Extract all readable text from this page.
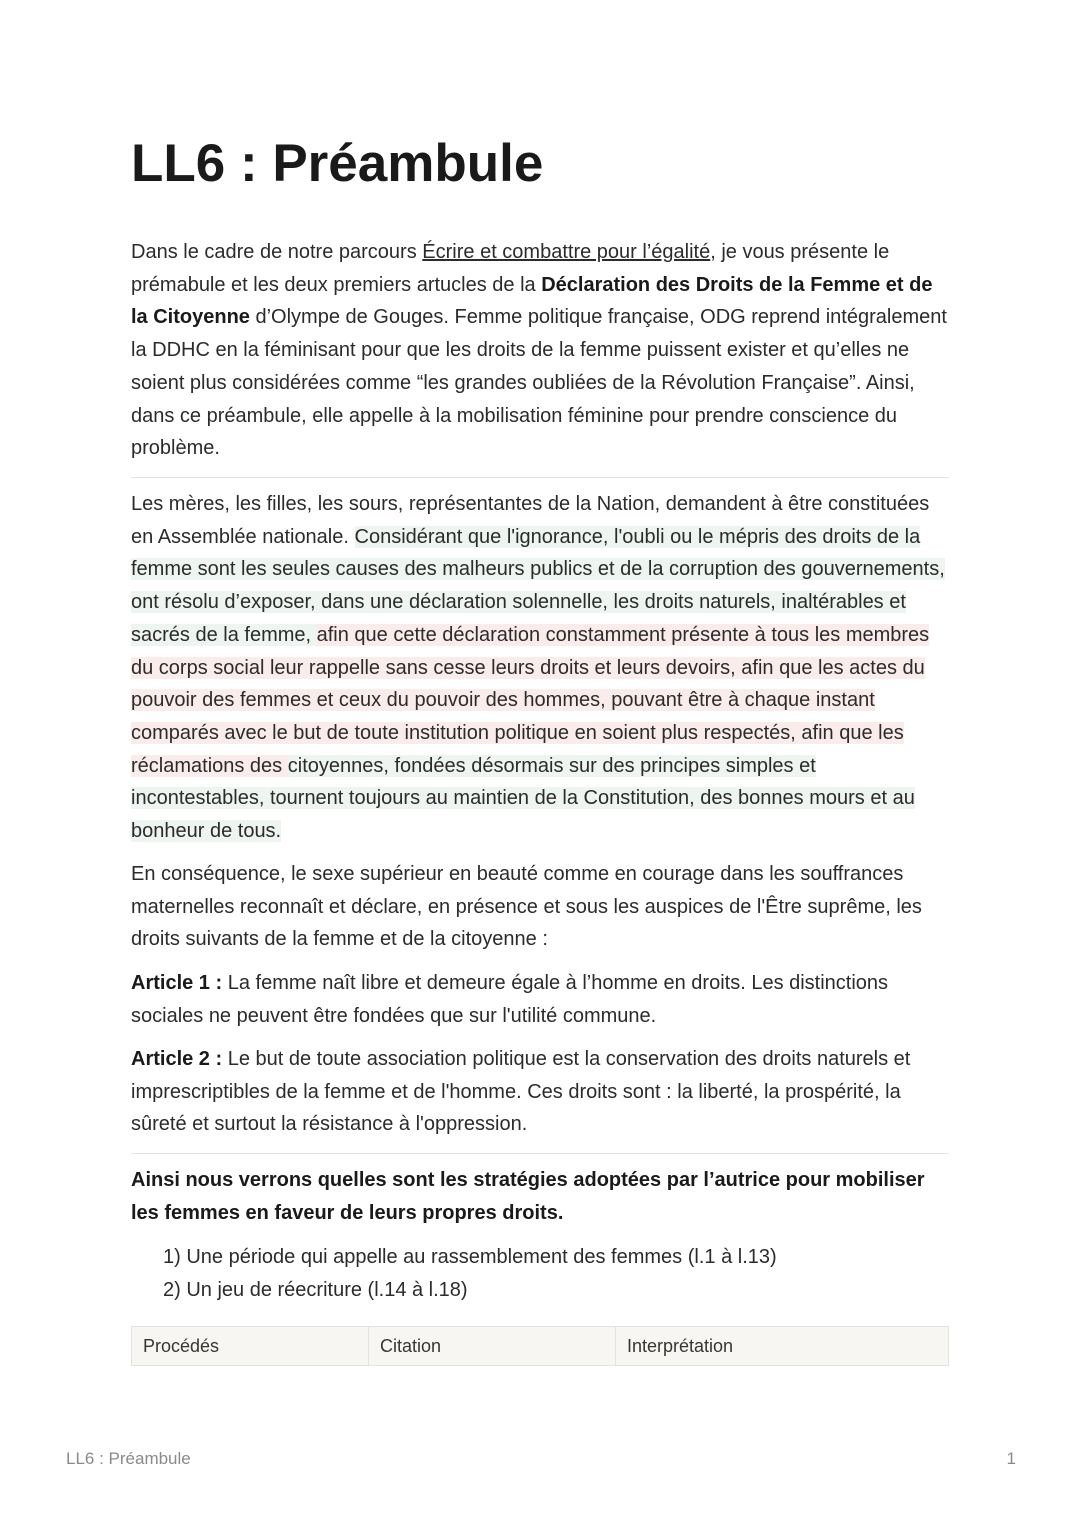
LL6 : Préambule

Dans le cadre de notre parcours Écrire et combattre pour l’égalité, je vous présente le prémabule et les deux premiers artucles de la Déclaration des Droits de la Femme et de la Citoyenne d’Olympe de Gouges. Femme politique française, ODG reprend intégralement la DDHC en la féminisant pour que les droits de la femme puissent exister et qu’elles ne soient plus considérées comme “les grandes oubliées de la Révolution Française”. Ainsi, dans ce préambule, elle appelle à la mobilisation féminine pour prendre conscience du problème.

Les mères, les filles, les sours, représentantes de la Nation, demandent à être constituées en Assemblée nationale. Considérant que l'ignorance, l'oubli ou le mépris des droits de la femme sont les seules causes des malheurs publics et de la corruption des gouvernements, ont résolu d’exposer, dans une déclaration solennelle, les droits naturels, inaltérables et sacrés de la femme, afin que cette déclaration constamment présente à tous les membres du corps social leur rappelle sans cesse leurs droits et leurs devoirs, afin que les actes du pouvoir des femmes et ceux du pouvoir des hommes, pouvant être à chaque instant comparés avec le but de toute institution politique en soient plus respectés, afin que les réclamations des citoyennes, fondées désormais sur des principes simples et incontestables, tournent toujours au maintien de la Constitution, des bonnes mours et au bonheur de tous.

En conséquence, le sexe supérieur en beauté comme en courage dans les souffrances maternelles reconnaît et déclare, en présence et sous les auspices de l'Être suprême, les droits suivants de la femme et de la citoyenne :

Article 1 : La femme naît libre et demeure égale à l’homme en droits. Les distinctions sociales ne peuvent être fondées que sur l'utilité commune.

Article 2 : Le but de toute association politique est la conservation des droits naturels et imprescriptibles de la femme et de l'homme. Ces droits sont : la liberté, la prospérité, la sûreté et surtout la résistance à l'oppression.

Ainsi nous verrons quelles sont les stratégies adoptées par l’autrice pour mobiliser les femmes en faveur de leurs propres droits.

1) Une période qui appelle au rassemblement des femmes (l.1 à l.13)
2) Un jeu de réecriture (l.14 à l.18)
Procédés	Citation	Interprétation
LL6 : Préambule	1
